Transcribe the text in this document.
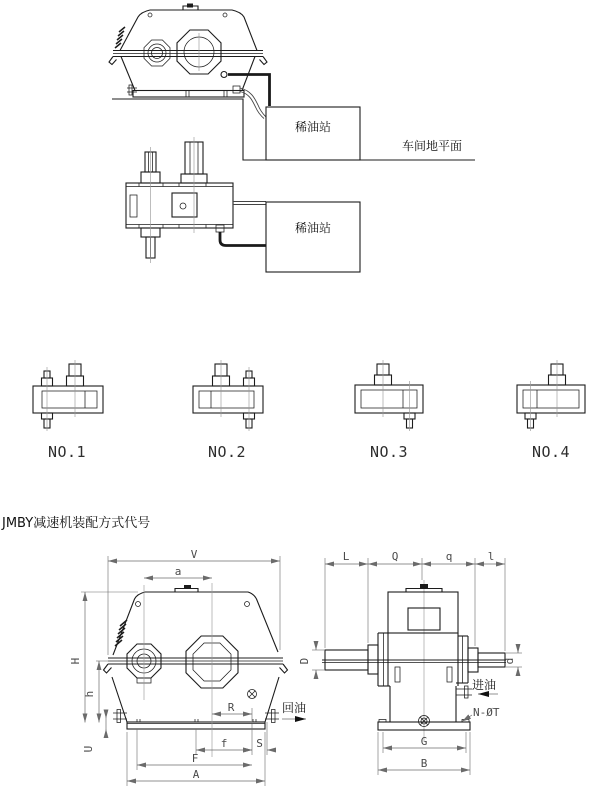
稀油站
车间地平面
稀油站
NO.1	NO.2	NO.3	NO.4
JMBY减速机装配方式代号
V
a
H
h
U
R
f	S
F
A
回油
L	Q	q	l
D	d
进油
N-ØT
G
B
